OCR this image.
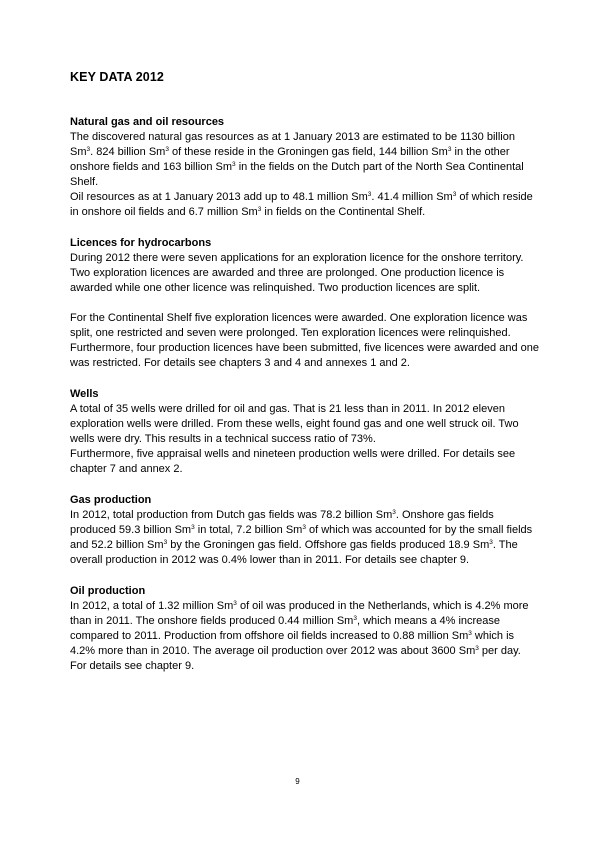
KEY DATA 2012
Natural gas and oil resources

The discovered natural gas resources as at 1 January 2013 are estimated to be 1130 billion Sm$^3$. 824 billion Sm$^3$ of these reside in the Groningen gas field, 144 billion Sm$^3$ in the other onshore fields and 163 billion Sm$^3$ in the fields on the Dutch part of the North Sea Continental Shelf.

Oil resources as at 1 January 2013 add up to 48.1 million Sm$^3$. 41.4 million Sm$^3$ of which reside in onshore oil fields and 6.7 million Sm$^3$ in fields on the Continental Shelf.

Licences for hydrocarbons

During 2012 there were seven applications for an exploration licence for the onshore territory. Two exploration licences are awarded and three are prolonged. One production licence is awarded while one other licence was relinquished. Two production licences are split.

For the Continental Shelf five exploration licences were awarded. One exploration licence was split, one restricted and seven were prolonged. Ten exploration licences were relinquished.

Furthermore, four production licences have been submitted, five licences were awarded and one was restricted. For details see chapters 3 and 4 and annexes 1 and 2.

Wells

A total of 35 wells were drilled for oil and gas. That is 21 less than in 2011. In 2012 eleven exploration wells were drilled. From these wells, eight found gas and one well struck oil. Two wells were dry. This results in a technical success ratio of 73%.

Furthermore, five appraisal wells and nineteen production wells were drilled. For details see chapter 7 and annex 2.

Gas production

In 2012, total production from Dutch gas fields was 78.2 billion Sm$^3$. Onshore gas fields produced 59.3 billion Sm$^3$ in total, 7.2 billion Sm$^3$ of which was accounted for by the small fields and 52.2 billion Sm$^3$ by the Groningen gas field. Offshore gas fields produced 18.9 Sm$^3$. The overall production in 2012 was 0.4% lower than in 2011. For details see chapter 9.

Oil production

In 2012, a total of 1.32 million Sm$^3$ of oil was produced in the Netherlands, which is 4.2% more than in 2011. The onshore fields produced 0.44 million Sm$^3$, which means a 4% increase compared to 2011. Production from offshore oil fields increased to 0.88 million Sm$^3$ which is 4.2% more than in 2010. The average oil production over 2012 was about 3600 Sm$^3$ per day. For details see chapter 9.

9
